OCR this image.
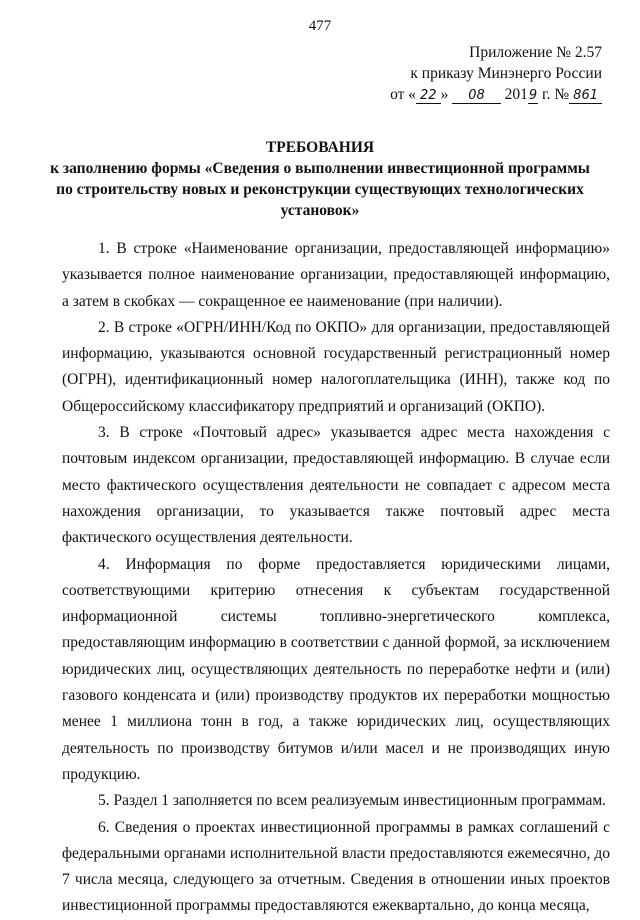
477
Приложение № 2.57
к приказу Минэнерго России
от « 22 » 08 2019 г. № 861
ТРЕБОВАНИЯ
к заполнению формы «Сведения о выполнении инвестиционной программы по строительству новых и реконструкции существующих технологических установок»

1. В строке «Наименование организации, предоставляющей информацию» указывается полное наименование организации, предоставляющей информацию, а затем в скобках — сокращенное ее наименование (при наличии).

2. В строке «ОГРН/ИНН/Код по ОКПО» для организации, предоставляющей информацию, указываются основной государственный регистрационный номер (ОГРН), идентификационный номер налогоплательщика (ИНН), также код по Общероссийскому классификатору предприятий и организаций (ОКПО).

3. В строке «Почтовый адрес» указывается адрес места нахождения с почтовым индексом организации, предоставляющей информацию. В случае если место фактического осуществления деятельности не совпадает с адресом места нахождения организации, то указывается также почтовый адрес места фактического осуществления деятельности.

4. Информация по форме предоставляется юридическими лицами, соответствующими критерию отнесения к субъектам государственной информационной системы топливно-энергетического комплекса, предоставляющим информацию в соответствии с данной формой, за исключением юридических лиц, осуществляющих деятельность по переработке нефти и (или) газового конденсата и (или) производству продуктов их переработки мощностью менее 1 миллиона тонн в год, а также юридических лиц, осуществляющих деятельность по производству битумов и/или масел и не производящих иную продукцию.

5. Раздел 1 заполняется по всем реализуемым инвестиционным программам.

6. Сведения о проектах инвестиционной программы в рамках соглашений с федеральными органами исполнительной власти предоставляются ежемесячно, до 7 числа месяца, следующего за отчетным. Сведения в отношении иных проектов инвестиционной программы предоставляются ежеквартально, до конца месяца,
